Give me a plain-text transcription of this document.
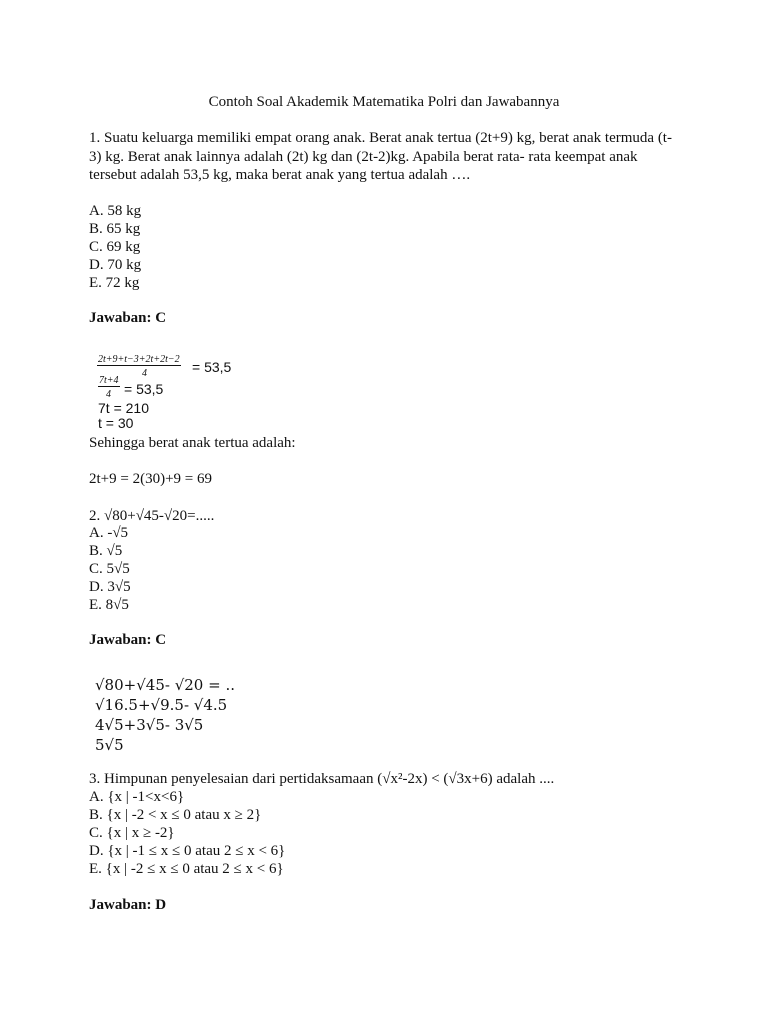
Contoh Soal Akademik Matematika Polri dan Jawabannya
1. Suatu keluarga memiliki empat orang anak. Berat anak tertua (2t+9) kg, berat anak termuda (t-
3) kg. Berat anak lainnya adalah (2t) kg dan (2t-2)kg. Apabila berat rata- rata keempat anak
tersebut adalah 53,5 kg, maka berat anak yang tertua adalah ….
A. 58 kg
B. 65 kg
C. 69 kg
D. 70 kg
E. 72 kg
Jawaban: C
2t+9+t−3+2t+2t−2
4	= 53,5
7t+4
4 = 53,5
7t = 210
t = 30
Sehingga berat anak tertua adalah:
2t+9 = 2(30)+9 = 69
2. √80+√45-√20=.....
A. -√5
B. √5
C. 5√5
D. 3√5
E. 8√5
Jawaban: C
√80+√45- √20 = ..
√16.5+√9.5- √4.5
4√5+3√5- 3√5
5√5
3. Himpunan penyelesaian dari pertidaksamaan (√x²-2x) < (√3x+6) adalah ....
A. {x | -1<x<6}
B. {x | -2 < x ≤ 0 atau x ≥ 2}
C. {x | x ≥ -2}
D. {x | -1 ≤ x ≤ 0 atau 2 ≤ x < 6}
E. {x | -2 ≤ x ≤ 0 atau 2 ≤ x < 6}
Jawaban: D
